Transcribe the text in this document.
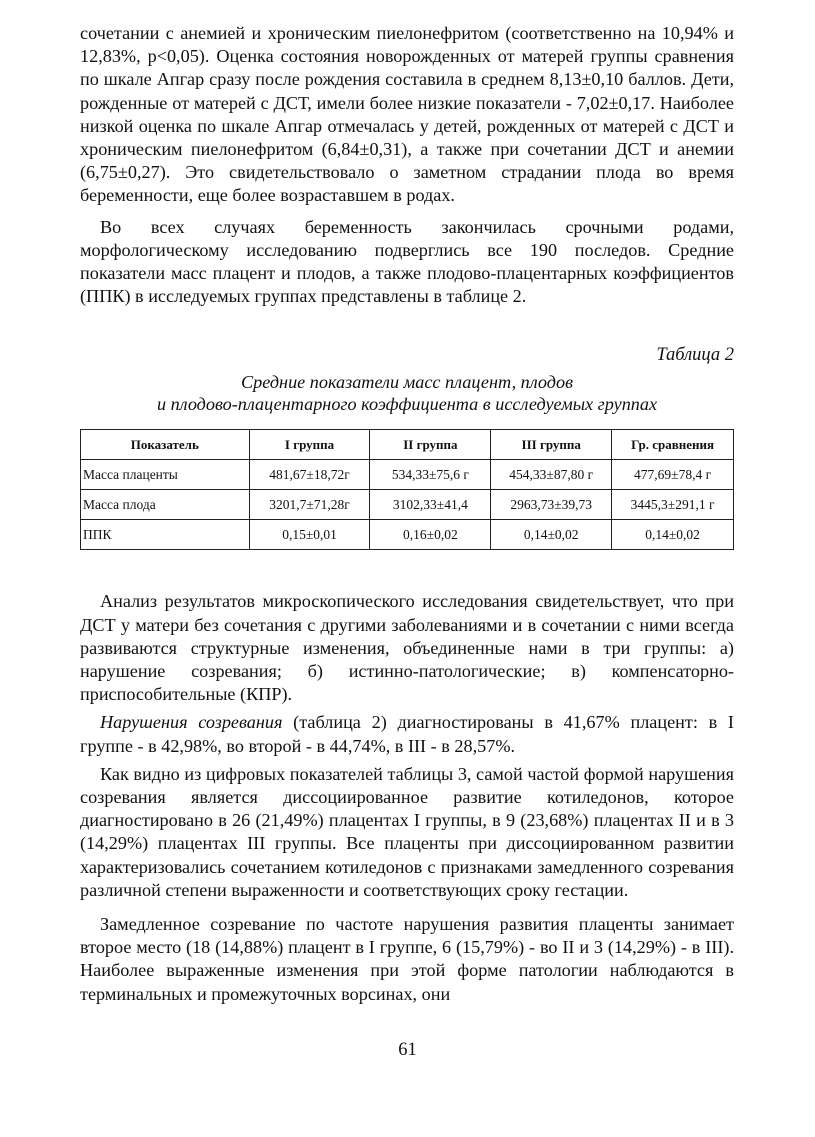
сочетании с анемией и хроническим пиелонефритом (соответственно на 10,94% и 12,83%, p<0,05). Оценка состояния новорожденных от матерей группы сравнения по шкале Апгар сразу после рождения составила в среднем 8,13±0,10 баллов. Дети, рожденные от матерей с ДСТ, имели более низкие показатели - 7,02±0,17. Наиболее низкой оценка по шкале Апгар отмечалась у детей, рожденных от матерей с ДСТ и хроническим пиелонефритом (6,84±0,31), а также при сочетании ДСТ и анемии (6,75±0,27). Это свидетельствовало о заметном страдании плода во время беременности, еще более возраставшем в родах.

Во всех случаях беременность закончилась срочными родами, морфологическому исследованию подверглись все 190 последов. Средние показатели масс плацент и плодов, а также плодово-плацентарных коэффициентов (ППК) в исследуемых группах представлены в таблице 2.

Таблица 2
Средние показатели масс плацент, плодов
и плодово-плацентарного коэффициента в исследуемых группах
Показатель	I группа	II группа	III группа	Гр. сравнения
Масса плаценты	481,67±18,72г	534,33±75,6 г	454,33±87,80 г	477,69±78,4 г
Масса плода	3201,7±71,28г	3102,33±41,4	2963,73±39,73	3445,3±291,1 г
ППК	0,15±0,01	0,16±0,02	0,14±0,02	0,14±0,02

Анализ результатов микроскопического исследования свидетельствует, что при ДСТ у матери без сочетания с другими заболеваниями и в сочетании с ними всегда развиваются структурные изменения, объединенные нами в три группы: а) нарушение созревания; б) истинно-патологические; в) компенсаторно-приспособительные (КПР).

Нарушения созревания (таблица 2) диагностированы в 41,67% плацент: в I группе - в 42,98%, во второй - в 44,74%, в III - в 28,57%.

Как видно из цифровых показателей таблицы 3, самой частой формой нарушения созревания является диссоциированное развитие котиледонов, которое диагностировано в 26 (21,49%) плацентах I группы, в 9 (23,68%) плацентах II и в 3 (14,29%) плацентах III группы. Все плаценты при диссоциированном развитии характеризовались сочетанием котиледонов с признаками замедленного созревания различной степени выраженности и соответствующих сроку гестации.

Замедленное созревание по частоте нарушения развития плаценты занимает второе место (18 (14,88%) плацент в I группе, 6 (15,79%) - во II и 3 (14,29%) - в III). Наиболее выраженные изменения при этой форме патологии наблюдаются в терминальных и промежуточных ворсинах, они

61
